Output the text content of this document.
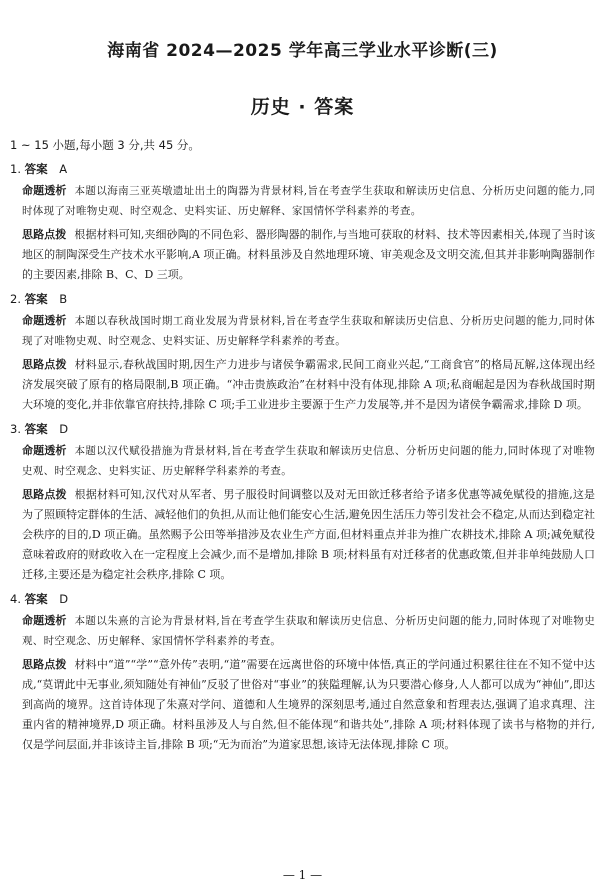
海南省 2024—2025 学年高三学业水平诊断(三)
历史 · 答案
1 ~ 15 小题,每小题 3 分,共 45 分。
1. 答案 A
命题透析 本题以海南三亚英墩遗址出土的陶器为背景材料,旨在考查学生获取和解读历史信息、分析历史问题的能力,同时体现了对唯物史观、时空观念、史料实证、历史解释、家国情怀学科素养的考查。
思路点拨 根据材料可知,夹细砂陶的不同色彩、器形陶器的制作,与当地可获取的材料、技术等因素相关,体现了当时该地区的制陶深受生产技术水平影响,A 项正确。材料虽涉及自然地理环境、审美观念及文明交流,但其并非影响陶器制作的主要因素,排除 B、C、D 三项。
2. 答案 B
命题透析 本题以春秋战国时期工商业发展为背景材料,旨在考查学生获取和解读历史信息、分析历史问题的能力,同时体现了对唯物史观、时空观念、史料实证、历史解释学科素养的考查。
思路点拨 材料显示,春秋战国时期,因生产力进步与诸侯争霸需求,民间工商业兴起,“工商食官”的格局瓦解,这体现出经济发展突破了原有的格局限制,B 项正确。“冲击贵族政治”在材料中没有体现,排除 A 项;私商崛起是因为春秋战国时期大环境的变化,并非依靠官府扶持,排除 C 项;手工业进步主要源于生产力发展等,并不是因为诸侯争霸需求,排除 D 项。
3. 答案 D
命题透析 本题以汉代赋役措施为背景材料,旨在考查学生获取和解读历史信息、分析历史问题的能力,同时体现了对唯物史观、时空观念、史料实证、历史解释学科素养的考查。
思路点拨 根据材料可知,汉代对从军者、男子服役时间调整以及对无田欲迁移者给予诸多优惠等减免赋役的措施,这是为了照顾特定群体的生活、减轻他们的负担,从而让他们能安心生活,避免因生活压力等引发社会不稳定,从而达到稳定社会秩序的目的,D 项正确。虽然赐予公田等举措涉及农业生产方面,但材料重点并非为推广农耕技术,排除 A 项;减免赋役意味着政府的财政收入在一定程度上会减少,而不是增加,排除 B 项;材料虽有对迁移者的优惠政策,但并非单纯鼓励人口迁移,主要还是为稳定社会秩序,排除 C 项。
4. 答案 D
命题透析 本题以朱熹的言论为背景材料,旨在考查学生获取和解读历史信息、分析历史问题的能力,同时体现了对唯物史观、时空观念、历史解释、家国情怀学科素养的考查。
思路点拨 材料中“道”“学”“意外传”表明,“道”需要在远离世俗的环境中体悟,真正的学问通过积累往往在不知不觉中达成,“莫谓此中无事业,须知随处有神仙”反驳了世俗对“事业”的狭隘理解,认为只要潜心修身,人人都可以成为“神仙”,即达到高尚的境界。这首诗体现了朱熹对学问、道德和人生境界的深刻思考,通过自然意象和哲理表达,强调了追求真理、注重内省的精神境界,D 项正确。材料虽涉及人与自然,但不能体现“和谐共处”,排除 A 项;材料体现了读书与格物的并行,仅是学问层面,并非该诗主旨,排除 B 项;“无为而治”为道家思想,该诗无法体现,排除 C 项。
— 1 —
